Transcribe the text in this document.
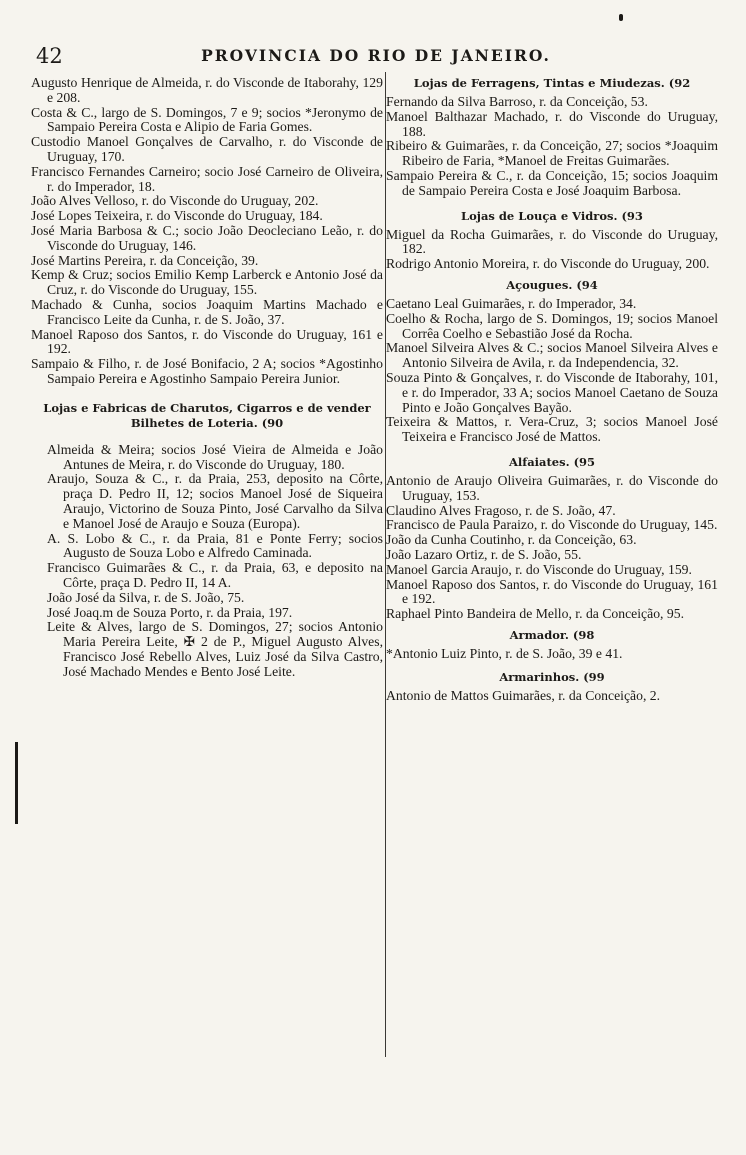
42	PROVINCIA DO RIO DE JANEIRO.

Augusto Henrique de Almeida, r. do Visconde de Itaborahy, 129 e 208.

Costa & C., largo de S. Domingos, 7 e 9; socios *Jeronymo de Sampaio Pereira Costa e Alipio de Faria Gomes.

Custodio Manoel Gonçalves de Carvalho, r. do Visconde de Uruguay, 170.

Francisco Fernandes Carneiro; socio José Carneiro de Oliveira, r. do Imperador, 18.

João Alves Velloso, r. do Visconde do Uruguay, 202.

José Lopes Teixeira, r. do Visconde do Uruguay, 184.

José Maria Barbosa & C.; socio João Deocleciano Leão, r. do Visconde do Uruguay, 146.

José Martins Pereira, r. da Conceição, 39.

Kemp & Cruz; socios Emilio Kemp Larberck e Antonio José da Cruz, r. do Visconde do Uruguay, 155.

Machado & Cunha, socios Joaquim Martins Machado e Francisco Leite da Cunha, r. de S. João, 37.

Manoel Raposo dos Santos, r. do Visconde do Uruguay, 161 e 192.

Sampaio & Filho, r. de José Bonifacio, 2 A; socios *Agostinho Sampaio Pereira e Agostinho Sampaio Pereira Junior.

Lojas e Fabricas de Charutos, Cigarros e de vender Bilhetes de Loteria. (90

Almeida & Meira; socios José Vieira de Almeida e João Antunes de Meira, r. do Visconde do Uruguay, 180.

Araujo, Souza & C., r. da Praia, 253, deposito na Côrte, praça D. Pedro II, 12; socios Manoel José de Siqueira Araujo, Victorino de Souza Pinto, José Carvalho da Silva e Manoel José de Araujo e Souza (Europa).

A. S. Lobo & C., r. da Praia, 81 e Ponte Ferry; socios Augusto de Souza Lobo e Alfredo Caminada.

Francisco Guimarães & C., r. da Praia, 63, e deposito na Côrte, praça D. Pedro II, 14 A.

João José da Silva, r. de S. João, 75.

José Joaq.m de Souza Porto, r. da Praia, 197.

Leite & Alves, largo de S. Domingos, 27; socios Antonio Maria Pereira Leite, ✠ 2 de P., Miguel Augusto Alves, Francisco José Rebello Alves, Luiz José da Silva Castro, José Machado Mendes e Bento José Leite.

Lojas de Ferragens, Tintas e Miudezas. (92

Fernando da Silva Barroso, r. da Conceição, 53.

Manoel Balthazar Machado, r. do Visconde do Uruguay, 188.

Ribeiro & Guimarães, r. da Conceição, 27; socios *Joaquim Ribeiro de Faria, *Manoel de Freitas Guimarães.

Sampaio Pereira & C., r. da Conceição, 15; socios Joaquim de Sampaio Pereira Costa e José Joaquim Barbosa.

Lojas de Louça e Vidros. (93

Miguel da Rocha Guimarães, r. do Visconde do Uruguay, 182.

Rodrigo Antonio Moreira, r. do Visconde do Uruguay, 200.

Açougues. (94

Caetano Leal Guimarães, r. do Imperador, 34.

Coelho & Rocha, largo de S. Domingos, 19; socios Manoel Corrêa Coelho e Sebastião José da Rocha.

Manoel Silveira Alves & C.; socios Manoel Silveira Alves e Antonio Silveira de Avila, r. da Independencia, 32.

Souza Pinto & Gonçalves, r. do Visconde de Itaborahy, 101, e r. do Imperador, 33 A; socios Manoel Caetano de Souza Pinto e João Gonçalves Bayão.

Teixeira & Mattos, r. Vera-Cruz, 3; socios Manoel José Teixeira e Francisco José de Mattos.

Alfaiates. (95

Antonio de Araujo Oliveira Guimarães, r. do Visconde do Uruguay, 153.

Claudino Alves Fragoso, r. de S. João, 47.

Francisco de Paula Paraizo, r. do Visconde do Uruguay, 145.

João da Cunha Coutinho, r. da Conceição, 63.

João Lazaro Ortiz, r. de S. João, 55.

Manoel Garcia Araujo, r. do Visconde do Uruguay, 159.

Manoel Raposo dos Santos, r. do Visconde do Uruguay, 161 e 192.

Raphael Pinto Bandeira de Mello, r. da Conceição, 95.

Armador. (98

*Antonio Luiz Pinto, r. de S. João, 39 e 41.

Armarinhos. (99

Antonio de Mattos Guimarães, r. da Conceição, 2.
